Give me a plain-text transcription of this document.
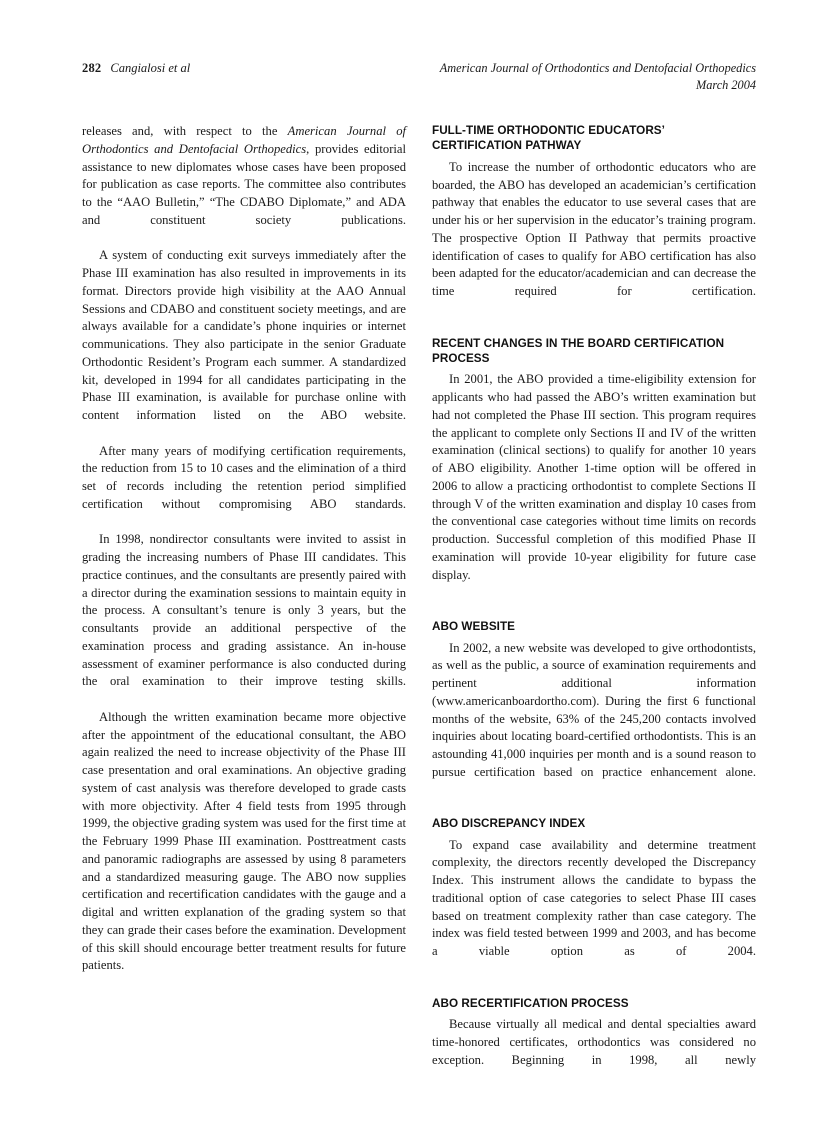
282 Cangialosi et al	American Journal of Orthodontics and Dentofacial Orthopedics
March 2004

releases and, with respect to the American Journal of Orthodontics and Dentofacial Orthopedics, provides editorial assistance to new diplomates whose cases have been proposed for publication as case reports. The committee also contributes to the “AAO Bulletin,” “The CDABO Diplomate,” and ADA and constituent society publications.

A system of conducting exit surveys immediately after the Phase III examination has also resulted in improvements in its format. Directors provide high visibility at the AAO Annual Sessions and CDABO and constituent society meetings, and are always available for a candidate’s phone inquiries or internet communications. They also participate in the senior Graduate Orthodontic Resident’s Program each summer. A standardized kit, developed in 1994 for all candidates participating in the Phase III examination, is available for purchase online with content information listed on the ABO website.

After many years of modifying certification requirements, the reduction from 15 to 10 cases and the elimination of a third set of records including the retention period simplified certification without compromising ABO standards.

In 1998, nondirector consultants were invited to assist in grading the increasing numbers of Phase III candidates. This practice continues, and the consultants are presently paired with a director during the examination sessions to maintain equity in the process. A consultant’s tenure is only 3 years, but the consultants provide an additional perspective of the examination process and grading assistance. An in-house assessment of examiner performance is also conducted during the oral examination to their improve testing skills.

Although the written examination became more objective after the appointment of the educational consultant, the ABO again realized the need to increase objectivity of the Phase III case presentation and oral examinations. An objective grading system of cast analysis was therefore developed to grade casts with more objectivity. After 4 field tests from 1995 through 1999, the objective grading system was used for the first time at the February 1999 Phase III examination. Posttreatment casts and panoramic radiographs are assessed by using 8 parameters and a standardized measuring gauge. The ABO now supplies certification and recertification candidates with the gauge and a digital and written explanation of the grading system so that they can grade their cases before the examination. Development of this skill should encourage better treatment results for future patients.

FULL-TIME ORTHODONTIC EDUCATORS’ CERTIFICATION PATHWAY

To increase the number of orthodontic educators who are boarded, the ABO has developed an academician’s certification pathway that enables the educator to use several cases that are under his or her supervision in the educator’s training program. The prospective Option II Pathway that permits proactive identification of cases to qualify for ABO certification has also been adapted for the educator/academician and can decrease the time required for certification.

RECENT CHANGES IN THE BOARD CERTIFICATION PROCESS

In 2001, the ABO provided a time-eligibility extension for applicants who had passed the ABO’s written examination but had not completed the Phase III section. This program requires the applicant to complete only Sections II and IV of the written examination (clinical sections) to qualify for another 10 years of ABO eligibility. Another 1-time option will be offered in 2006 to allow a practicing orthodontist to complete Sections II through V of the written examination and display 10 cases from the conventional case categories without time limits on records production. Successful completion of this modified Phase II examination will provide 10-year eligibility for future case display.

ABO WEBSITE

In 2002, a new website was developed to give orthodontists, as well as the public, a source of examination requirements and pertinent additional information (www.americanboardortho.com). During the first 6 functional months of the website, 63% of the 245,200 contacts involved inquiries about locating board-certified orthodontists. This is an astounding 41,000 inquiries per month and is a sound reason to pursue certification based on practice enhancement alone.

ABO DISCREPANCY INDEX

To expand case availability and determine treatment complexity, the directors recently developed the Discrepancy Index. This instrument allows the candidate to bypass the traditional option of case categories to select Phase III cases based on treatment complexity rather than case category. The index was field tested between 1999 and 2003, and has become a viable option as of 2004.

ABO RECERTIFICATION PROCESS

Because virtually all medical and dental specialties award time-honored certificates, orthodontics was considered no exception. Beginning in 1998, all newly
